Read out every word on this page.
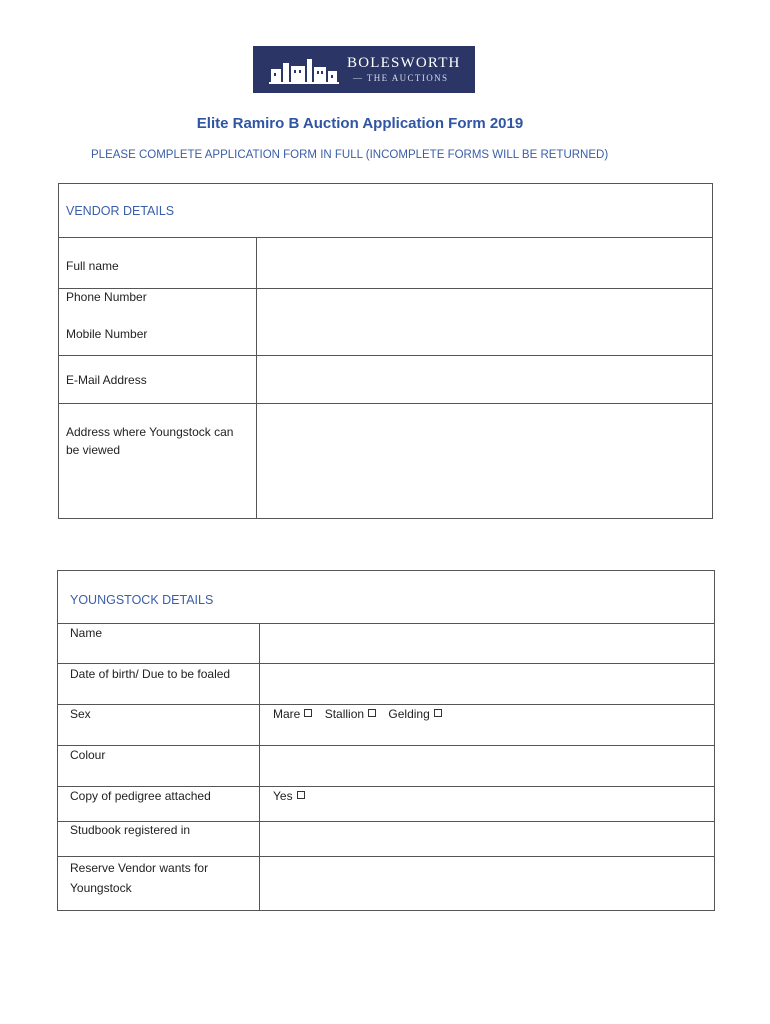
BOLESWORTH
— THE AUCTIONS
Elite Ramiro B Auction Application Form 2019
PLEASE COMPLETE APPLICATION FORM IN FULL (INCOMPLETE FORMS WILL BE RETURNED)
VENDOR DETAILS	
Full name	

Phone Number
Mobile Number	

E-Mail Address	
Address where Youngstock can be viewed	
YOUNGSTOCK DETAILS	
Name	
Date of birth/ Due to be foaled	
Sex	Mare Stallion Gelding
Colour	
Copy of pedigree attached	Yes
Studbook registered in	
Reserve Vendor wants for Youngstock	
